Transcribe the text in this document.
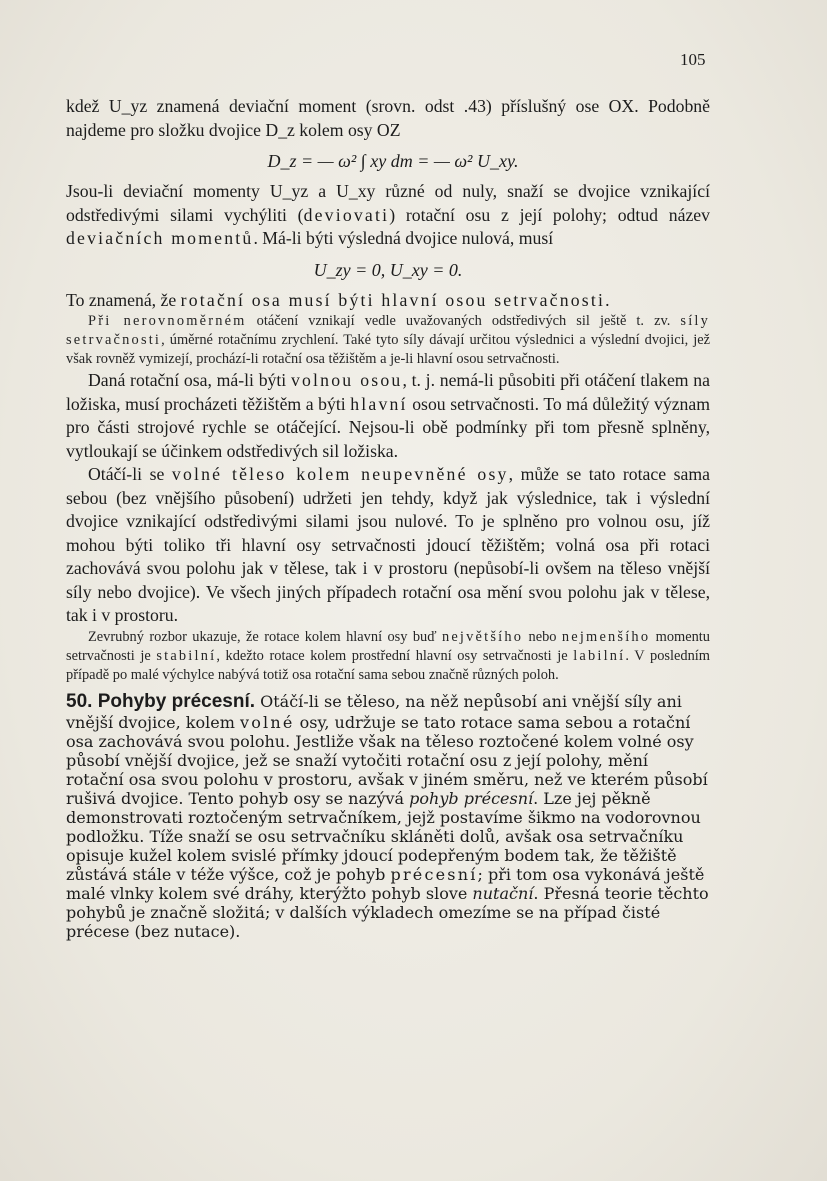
105

kdež U_yz znamená deviační moment (srovn. odst .43) příslušný ose OX. Podobně najdeme pro složku dvojice D_z kolem osy OZ

D_z = — ω² ∫ xy dm = — ω² U_xy.

Jsou-li deviační momenty U_yz a U_xy různé od nuly, snaží se dvojice vznikající odstředivými silami vychýliti (deviovati) rotační osu z její polohy; odtud název deviačních momentů. Má-li býti výsledná dvojice nulová, musí

U_zy = 0, U_xy = 0.

To znamená, že rotační osa musí býti hlavní osou setrvačnosti.

Při nerovnoměrném otáčení vznikají vedle uvažovaných odstředivých sil ještě t. zv. síly setrvačnosti, úměrné rotačnímu zrychlení. Také tyto síly dávají určitou výslednici a výslední dvojici, jež však rovněž vymizejí, prochází-li rotační osa těžištěm a je-li hlavní osou setrvačnosti.

Daná rotační osa, má-li býti volnou osou, t. j. nemá-li působiti při otáčení tlakem na ložiska, musí procházeti těžištěm a býti hlavní osou setrvačnosti. To má důležitý význam pro části strojové rychle se otáčející. Nejsou-li obě podmínky při tom přesně splněny, vytloukají se účinkem odstředivých sil ložiska.

Otáčí-li se volné těleso kolem neupevněné osy, může se tato rotace sama sebou (bez vnějšího působení) udržeti jen tehdy, když jak výslednice, tak i výslední dvojice vznikající odstředivými silami jsou nulové. To je splněno pro volnou osu, jíž mohou býti toliko tři hlavní osy setrvačnosti jdoucí těžištěm; volná osa při rotaci zachovává svou polohu jak v tělese, tak i v prostoru (nepůsobí-li ovšem na těleso vnější síly nebo dvojice). Ve všech jiných případech rotační osa mění svou polohu jak v tělese, tak i v prostoru.

Zevrubný rozbor ukazuje, že rotace kolem hlavní osy buď největšího nebo nejmenšího momentu setrvačnosti je stabilní, kdežto rotace kolem prostřední hlavní osy setrvačnosti je labilní. V posledním případě po malé výchylce nabývá totiž osa rotační sama sebou značně různých poloh.

50. Pohyby précesní. Otáčí-li se těleso, na něž nepůsobí ani vnější síly ani vnější dvojice, kolem volné osy, udržuje se tato rotace sama sebou a rotační osa zachovává svou polohu. Jestliže však na těleso roztočené kolem volné osy působí vnější dvojice, jež se snaží vytočiti rotační osu z její polohy, mění rotační osa svou polohu v prostoru, avšak v jiném směru, než ve kterém působí rušivá dvojice. Tento pohyb osy se nazývá pohyb précesní. Lze jej pěkně demonstrovati roztočeným setrvačníkem, jejž postavíme šikmo na vodorovnou podložku. Tíže snaží se osu setrvačníku skláněti dolů, avšak osa setrvačníku opisuje kužel kolem svislé přímky jdoucí podepřeným bodem tak, že těžiště zůstává stále v téže výšce, což je pohyb précesní; při tom osa vykonává ještě malé vlnky kolem své dráhy, kterýžto pohyb slove nutační. Přesná teorie těchto pohybů je značně složitá; v dalších výkladech omezíme se na případ čisté précese (bez nutace).
